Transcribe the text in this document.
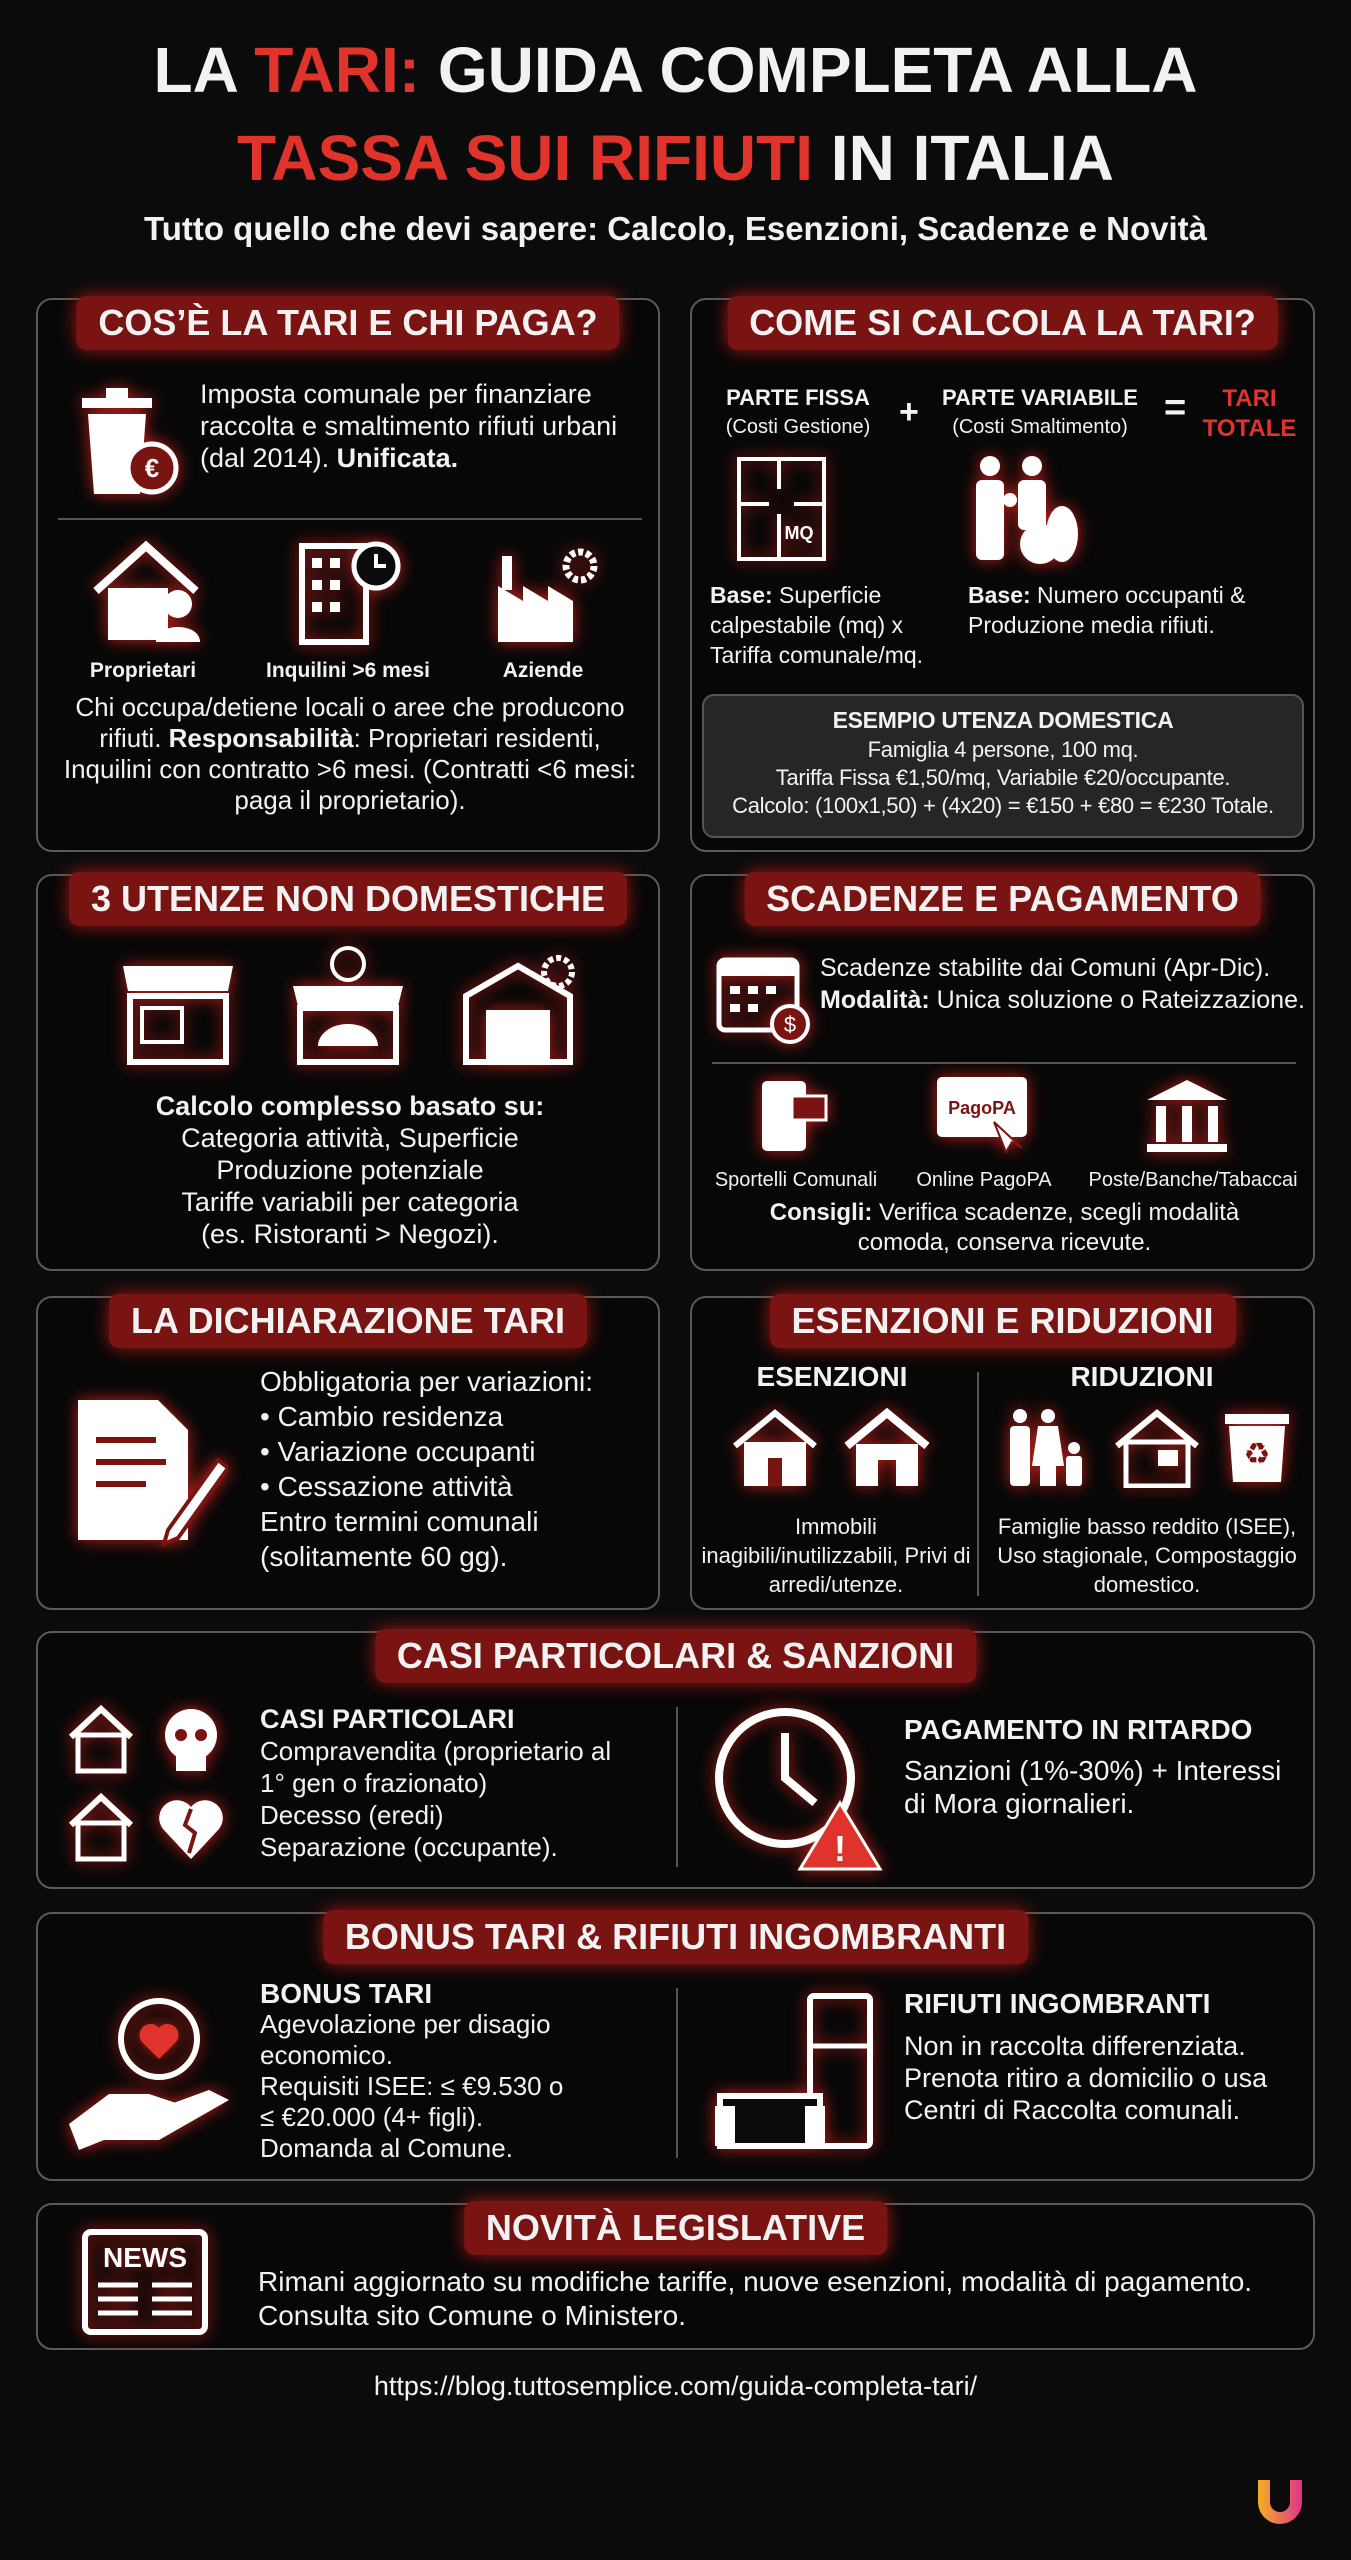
LA TARI: GUIDA COMPLETA ALLA
TASSA SUI RIFIUTI IN ITALIA
Tutto quello che devi sapere: Calcolo, Esenzioni, Scadenze e Novità
COS’È LA TARI E CHI PAGA?
€
Imposta comunale per finanziare raccolta e smaltimento rifiuti urbani (dal 2014). Unificata.
Proprietari	Inquilini >6 mesi	Aziende
Chi occupa/detiene locali o aree che producono rifiuti. Responsabilità: Proprietari residenti, Inquilini con contratto >6 mesi. (Contratti <6 mesi: paga il proprietario).
COME SI CALCOLA LA TARI?
PARTE FISSA
(Costi Gestione) +	PARTE VARIABILE
(Costi Smaltimento) =	TARI
TOTALE
MQ
Base: Superficie calpestabile (mq) x Tariffa comunale/mq.
Base: Numero occupanti & Produzione media rifiuti.
ESEMPIO UTENZA DOMESTICA
Famiglia 4 persone, 100 mq.
Tariffa Fissa €1,50/mq, Variabile €20/occupante.
Calcolo: (100x1,50) + (4x20) = €150 + €80 = €230 Totale.
3 UTENZE NON DOMESTICHE
Calcolo complesso basato su:
Categoria attività, Superficie
Produzione potenziale
Tariffe variabili per categoria
(es. Ristoranti > Negozi).
SCADENZE E PAGAMENTO
$
Scadenze stabilite dai Comuni (Apr-Dic).
Modalità: Unica soluzione o Rateizzazione.
PagoPA
Sportelli Comunali	Online PagoPA	Poste/Banche/Tabaccai
Consigli: Verifica scadenze, scegli modalità comoda, conserva ricevute.
LA DICHIARAZIONE TARI
Obbligatoria per variazioni:
• Cambio residenza
• Variazione occupanti
• Cessazione attività
Entro termini comunali (solitamente 60 gg).
ESENZIONI E RIDUZIONI
ESENZIONI	RIDUZIONI
♻
Immobili inagibili/inutilizzabili, Privi di arredi/utenze.
Famiglie basso reddito (ISEE), Uso stagionale, Compostaggio domestico.
CASI PARTICOLARI & SANZIONI
CASI PARTICOLARI
Compravendita (proprietario al
1° gen o frazionato)
Decesso (eredi)
Separazione (occupante).	!
PAGAMENTO IN RITARDO
Sanzioni (1%-30%) + Interessi di Mora giornalieri.
BONUS TARI & RIFIUTI INGOMBRANTI
BONUS TARI
Agevolazione per disagio
economico.
Requisiti ISEE: ≤ €9.530 o
≤ €20.000 (4+ figli).
Domanda al Comune.
RIFIUTI INGOMBRANTI
Non in raccolta differenziata. Prenota ritiro a domicilio o usa Centri di Raccolta comunali.
NOVITÀ LEGISLATIVE
NEWS
Rimani aggiornato su modifiche tariffe, nuove esenzioni, modalità di pagamento. Consulta sito Comune o Ministero.
https://blog.tuttosemplice.com/guida-completa-tari/
